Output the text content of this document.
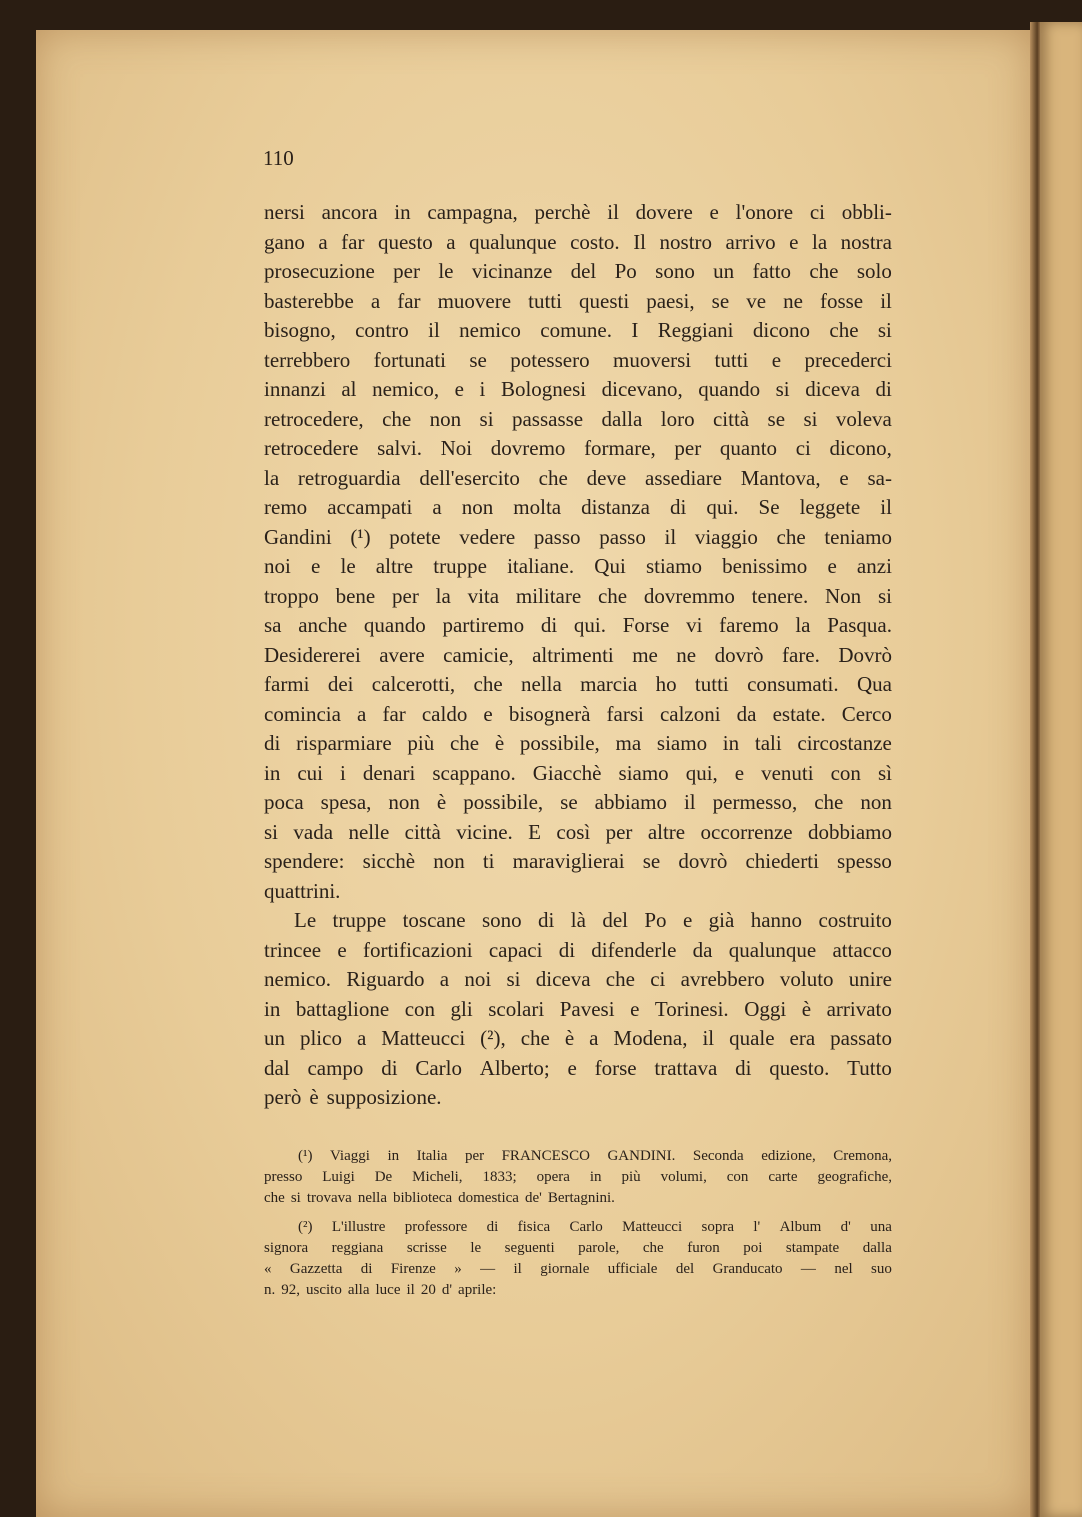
110
nersi ancora in campagna, perchè il dovere e l'onore ci obbli-
gano a far questo a qualunque costo. Il nostro arrivo e la nostra
prosecuzione per le vicinanze del Po sono un fatto che solo
basterebbe a far muovere tutti questi paesi, se ve ne fosse il
bisogno, contro il nemico comune. I Reggiani dicono che si
terrebbero fortunati se potessero muoversi tutti e precederci
innanzi al nemico, e i Bolognesi dicevano, quando si diceva di
retrocedere, che non si passasse dalla loro città se si voleva
retrocedere salvi. Noi dovremo formare, per quanto ci dicono,
la retroguardia dell'esercito che deve assediare Mantova, e sa-
remo accampati a non molta distanza di qui. Se leggete il
Gandini (¹) potete vedere passo passo il viaggio che teniamo
noi e le altre truppe italiane. Qui stiamo benissimo e anzi
troppo bene per la vita militare che dovremmo tenere. Non si
sa anche quando partiremo di qui. Forse vi faremo la Pasqua.
Desidererei avere camicie, altrimenti me ne dovrò fare. Dovrò
farmi dei calcerotti, che nella marcia ho tutti consumati. Qua
comincia a far caldo e bisognerà farsi calzoni da estate. Cerco
di risparmiare più che è possibile, ma siamo in tali circostanze
in cui i denari scappano. Giacchè siamo qui, e venuti con sì
poca spesa, non è possibile, se abbiamo il permesso, che non
si vada nelle città vicine. E così per altre occorrenze dobbiamo
spendere: sicchè non ti maraviglierai se dovrò chiederti spesso
quattrini.
Le truppe toscane sono di là del Po e già hanno costruito
trincee e fortificazioni capaci di difenderle da qualunque attacco
nemico. Riguardo a noi si diceva che ci avrebbero voluto unire
in battaglione con gli scolari Pavesi e Torinesi. Oggi è arrivato
un plico a Matteucci (²), che è a Modena, il quale era passato
dal campo di Carlo Alberto; e forse trattava di questo. Tutto
però è supposizione.
(¹) Viaggi in Italia per FRANCESCO GANDINI. Seconda edizione, Cremona,
presso Luigi De Micheli, 1833; opera in più volumi, con carte geografiche,
che si trovava nella biblioteca domestica de' Bertagnini.
(²) L'illustre professore di fisica Carlo Matteucci sopra l' Album d' una
signora reggiana scrisse le seguenti parole, che furon poi stampate dalla
« Gazzetta di Firenze » — il giornale ufficiale del Granducato — nel suo
n. 92, uscito alla luce il 20 d' aprile:
